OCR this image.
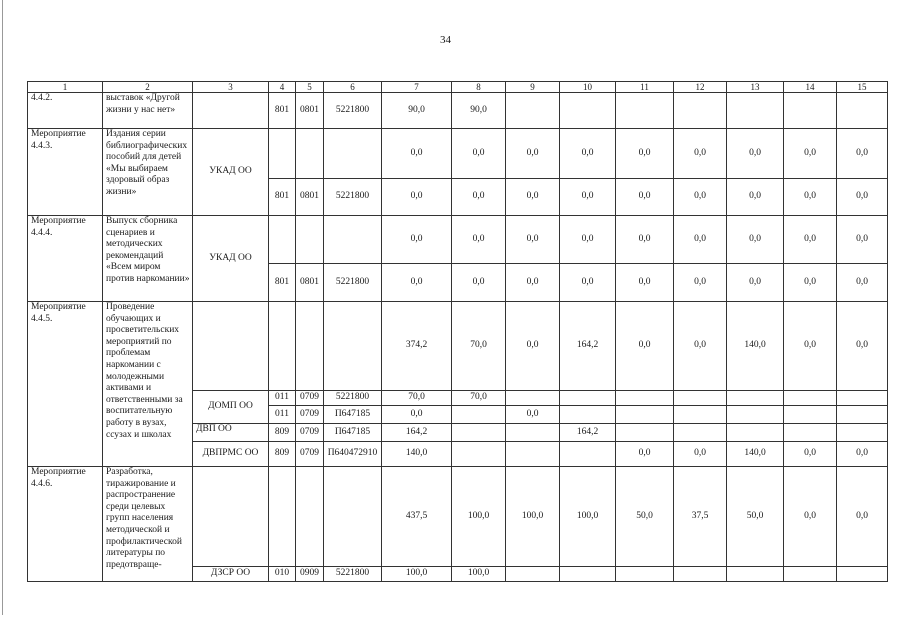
34
1	2	3	4	5	6	7	8	9	10	11	12	13	14	15
4.4.2.	выставок «Другой жизни у нас нет»		801	0801	5221800	90,0	90,0							
Мероприятие 4.4.3.	Издания серии библиографических пособий для детей «Мы выбираем здоровый образ жизни»	УКАД ОО				0,0	0,0	0,0	0,0	0,0	0,0	0,0	0,0	0,0
			801	0801	5221800	0,0	0,0	0,0	0,0	0,0	0,0	0,0	0,0	0,0
Мероприятие 4.4.4.	Выпуск сборника сценариев и методических рекомендаций «Всем миром против наркомании»	УКАД ОО				0,0	0,0	0,0	0,0	0,0	0,0	0,0	0,0	0,0
			801	0801	5221800	0,0	0,0	0,0	0,0	0,0	0,0	0,0	0,0	0,0
Мероприятие 4.4.5.	Проведение обучающих и просветительских мероприятий по проблемам наркомании с молодежными активами и ответственными за воспитательную работу в вузах, ссузах и школах					374,2	70,0	0,0	164,2	0,0	0,0	140,0	0,0	0,0
		ДОМП ОО	011	0709	5221800	70,0	70,0							
			011	0709	П647185	0,0		0,0						
		ДВП ОО	809	0709	П647185	164,2			164,2					
		ДВПРМС ОО	809	0709	П640472910	140,0				0,0	0,0	140,0	0,0	0,0
Мероприятие 4.4.6.	Разработка, тиражирование и распространение среди целевых групп населения методической и профилактической литературы по предотвраще-					437,5	100,0	100,0	100,0	50,0	37,5	50,0	0,0	0,0
		ДЗСР ОО	010	0909	5221800	100,0	100,0							
